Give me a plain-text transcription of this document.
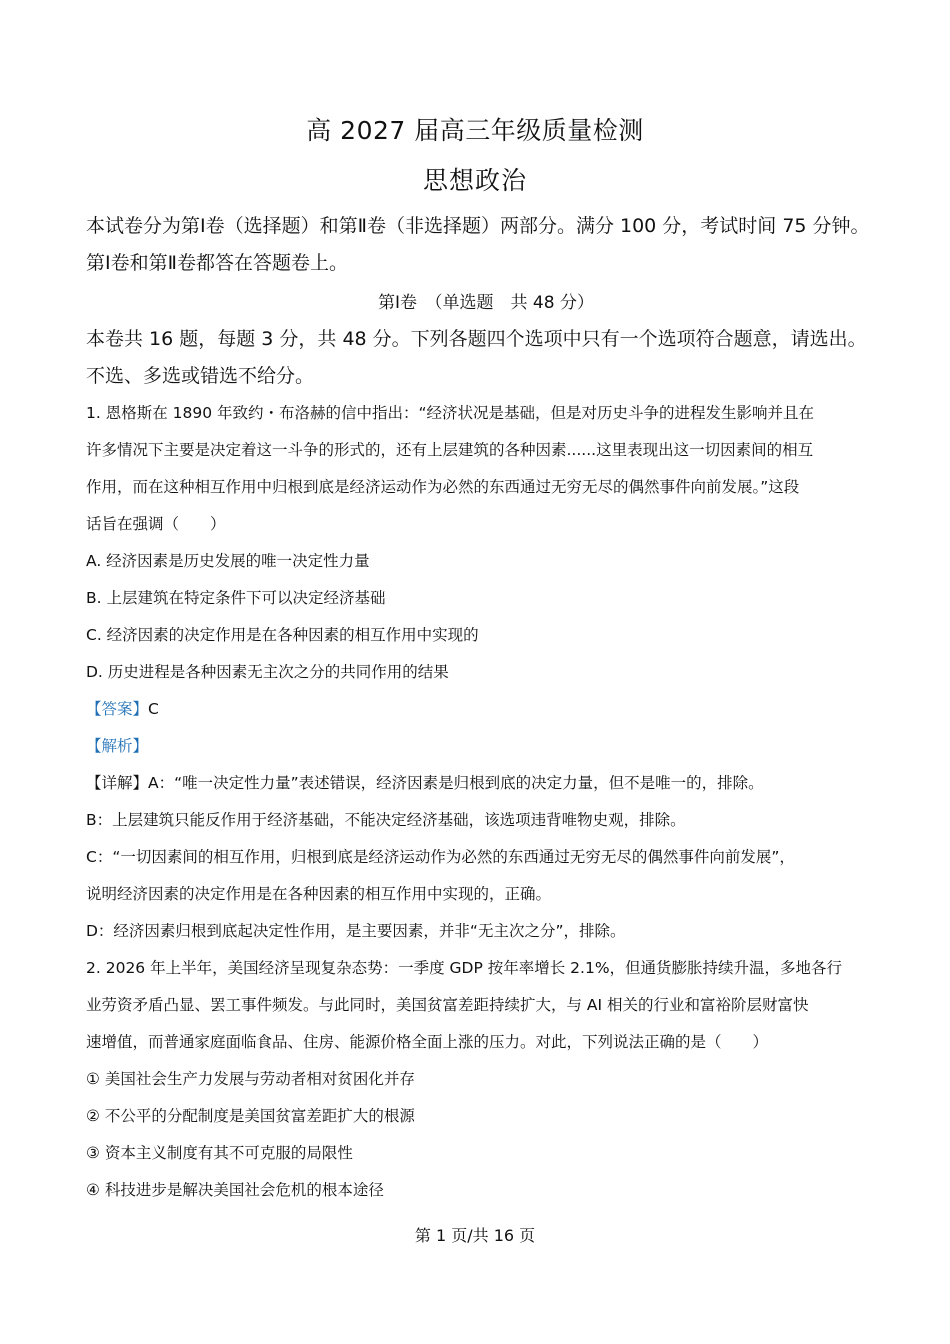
高 2027 届高三年级质量检测
思想政治

本试卷分为第Ⅰ卷（选择题）和第Ⅱ卷（非选择题）两部分。满分 100 分，考试时间 75 分钟。

第Ⅰ卷和第Ⅱ卷都答在答题卷上。

第Ⅰ卷　（单选题　共 48 分）

本卷共 16 题，每题 3 分，共 48 分。下列各题四个选项中只有一个选项符合题意，请选出。

不选、多选或错选不给分。

1. 恩格斯在 1890 年致约・布洛赫的信中指出：“经济状况是基础，但是对历史斗争的进程发生影响并且在

许多情况下主要是决定着这一斗争的形式的，还有上层建筑的各种因素......这里表现出这一切因素间的相互

作用，而在这种相互作用中归根到底是经济运动作为必然的东西通过无穷无尽的偶然事件向前发展。”这段

话旨在强调（　　）

A. 经济因素是历史发展的唯一决定性力量

B. 上层建筑在特定条件下可以决定经济基础

C. 经济因素的决定作用是在各种因素的相互作用中实现的

D. 历史进程是各种因素无主次之分的共同作用的结果

【答案】C

【解析】

【详解】A：“唯一决定性力量”表述错误，经济因素是归根到底的决定力量，但不是唯一的，排除。

B：上层建筑只能反作用于经济基础，不能决定经济基础，该选项违背唯物史观，排除。

C：“一切因素间的相互作用，归根到底是经济运动作为必然的东西通过无穷无尽的偶然事件向前发展”，

说明经济因素的决定作用是在各种因素的相互作用中实现的，正确。

D：经济因素归根到底起决定性作用，是主要因素，并非“无主次之分”，排除。

2. 2026 年上半年，美国经济呈现复杂态势：一季度 GDP 按年率增长 2.1%，但通货膨胀持续升温，多地各行

业劳资矛盾凸显、罢工事件频发。与此同时，美国贫富差距持续扩大，与 AI 相关的行业和富裕阶层财富快

速增值，而普通家庭面临食品、住房、能源价格全面上涨的压力。对此，下列说法正确的是（　　）

① 美国社会生产力发展与劳动者相对贫困化并存

② 不公平的分配制度是美国贫富差距扩大的根源

③ 资本主义制度有其不可克服的局限性

④ 科技进步是解决美国社会危机的根本途径

第 1 页/共 16 页
